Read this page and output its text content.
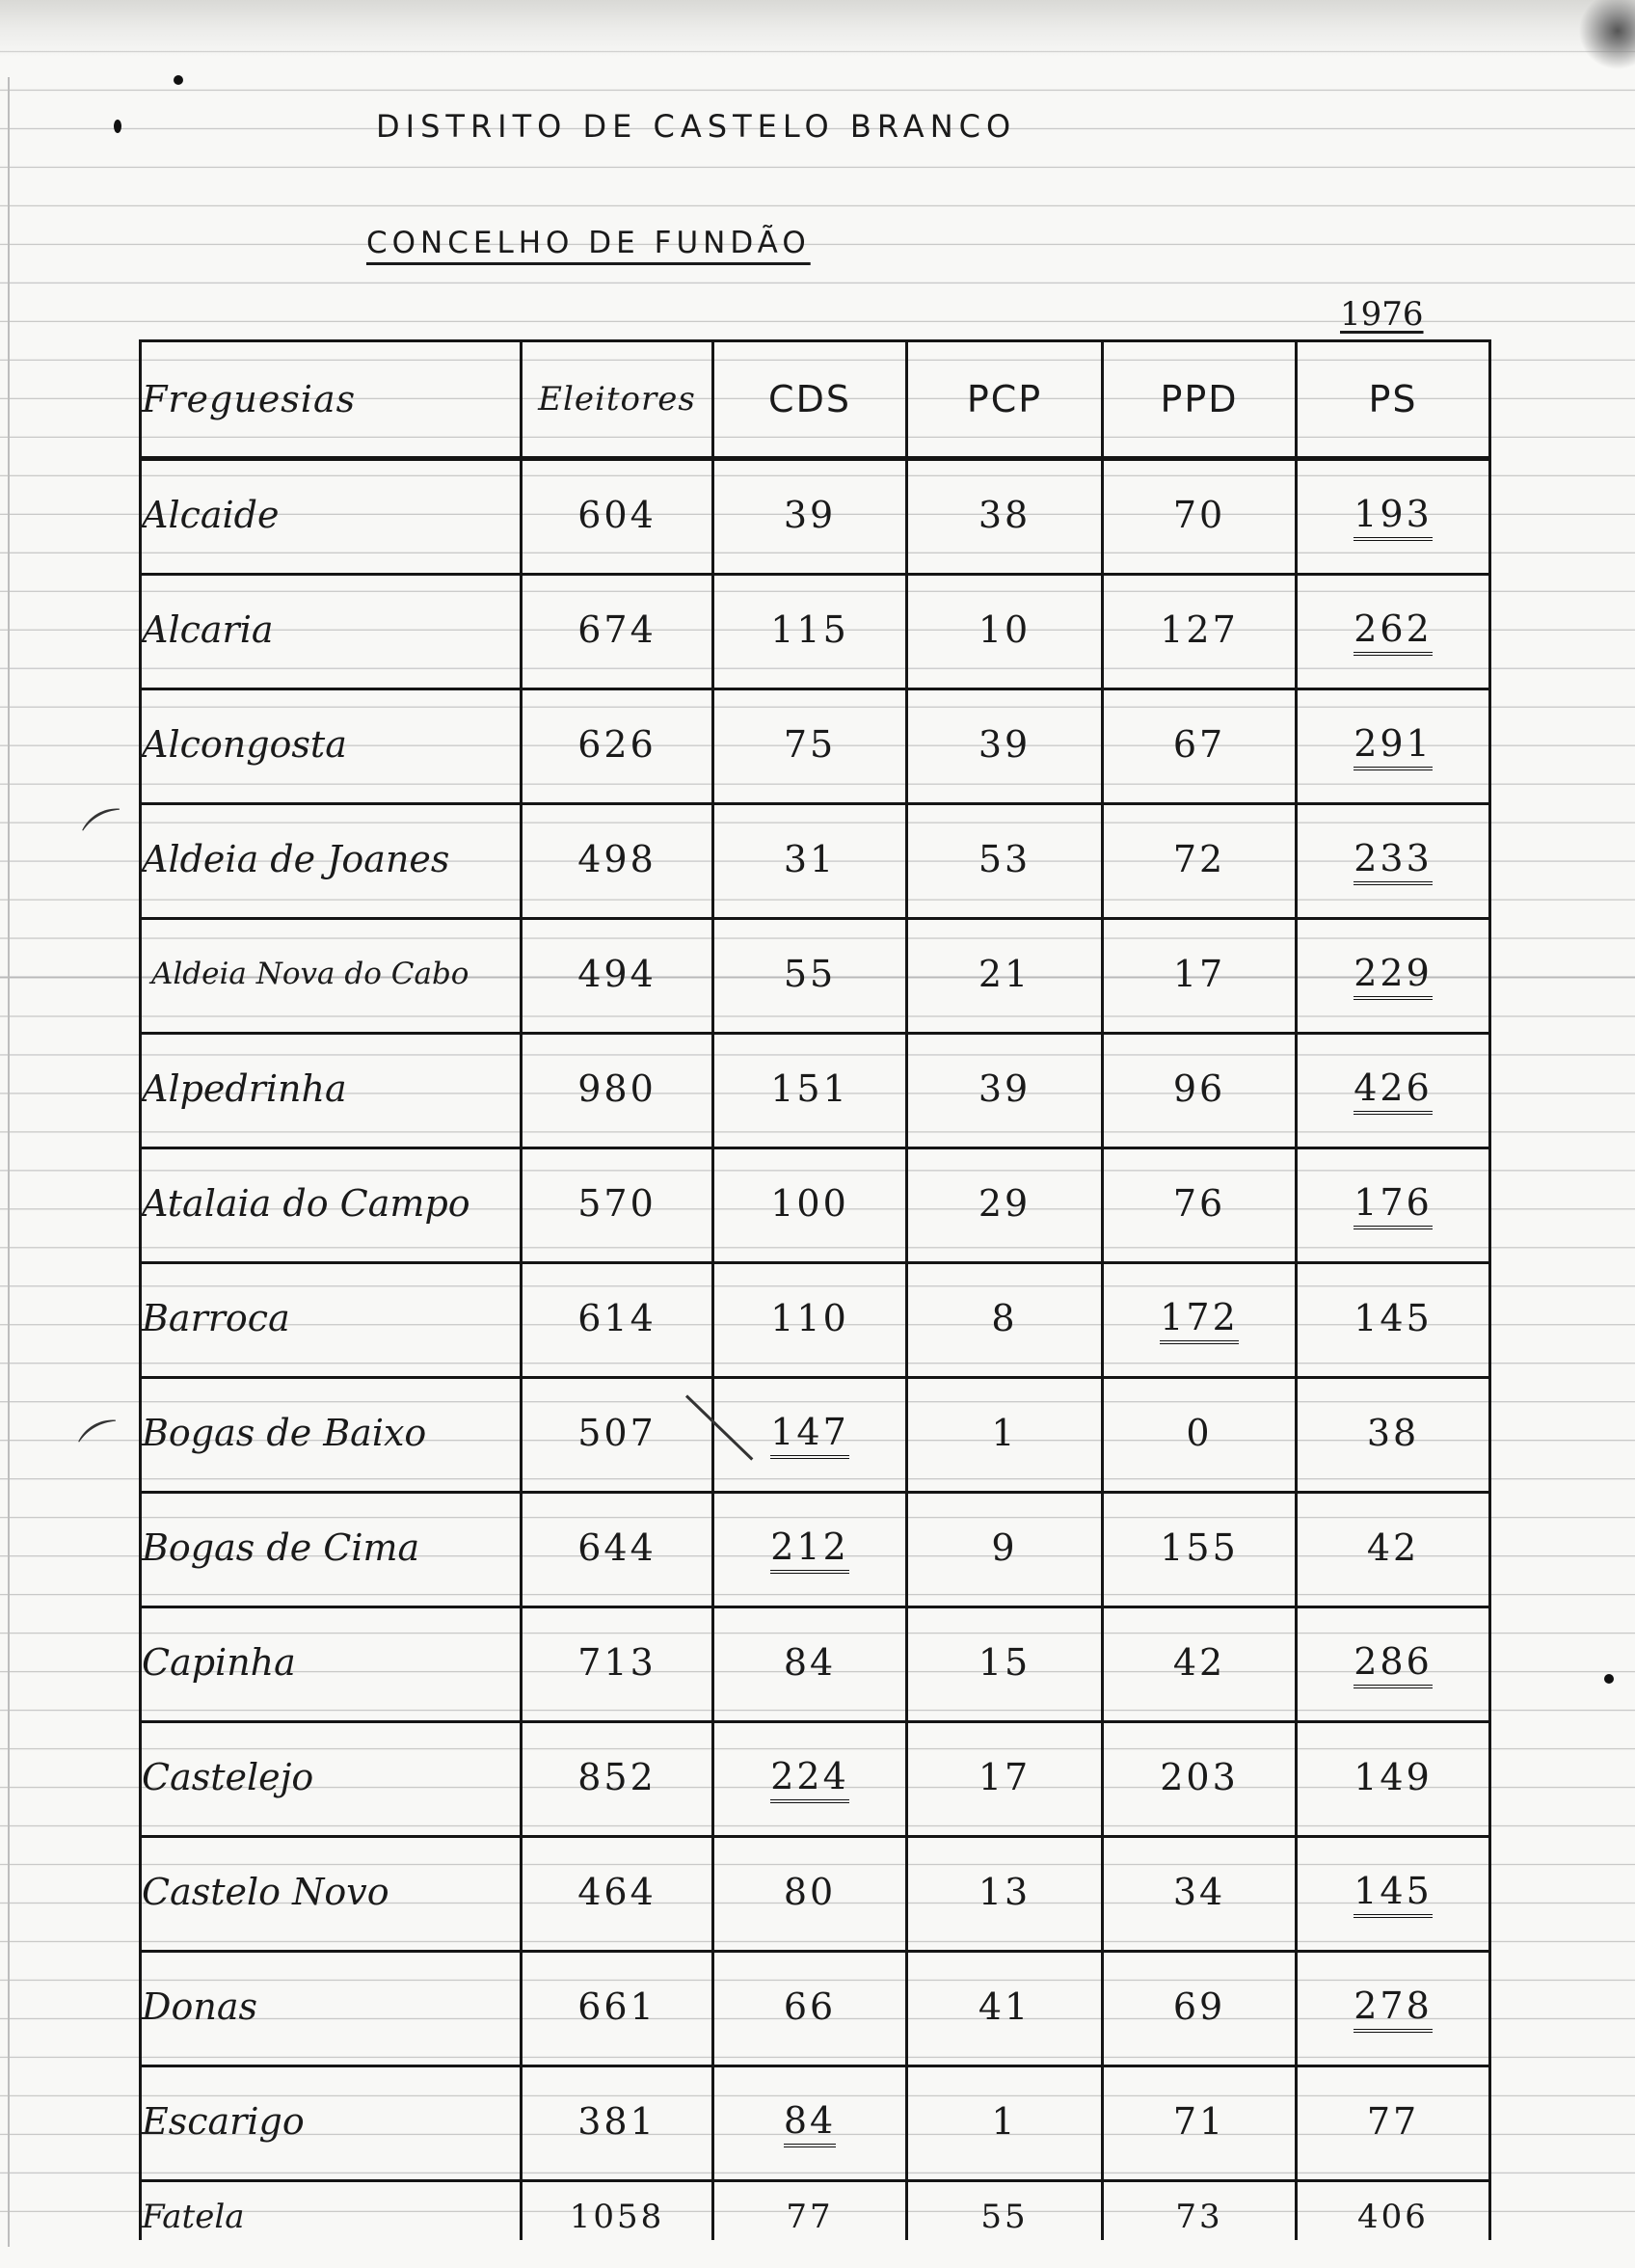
⌒
⌒
DISTRITO DE CASTELO BRANCO
CONCELHO DE FUNDÃO
1976
Freguesias	Eleitores	CDS	PCP	PPD	PS
Alcaide	604	39	38	70	193
Alcaria	674	115	10	127	262
Alcongosta	626	75	39	67	291
Aldeia de Joanes	498	31	53	72	233
Aldeia Nova do Cabo	494	55	21	17	229
Alpedrinha	980	151	39	96	426
Atalaia do Campo	570	100	29	76	176
Barroca	614	110	8	172	145
Bogas de Baixo	507	147	1	0	38
Bogas de Cima	644	212	9	155	42
Capinha	713	84	15	42	286
Castelejo	852	224	17	203	149
Castelo Novo	464	80	13	34	145
Donas	661	66	41	69	278
Escarigo	381	84	1	71	77
Fatela	1058	77	55	73	406
